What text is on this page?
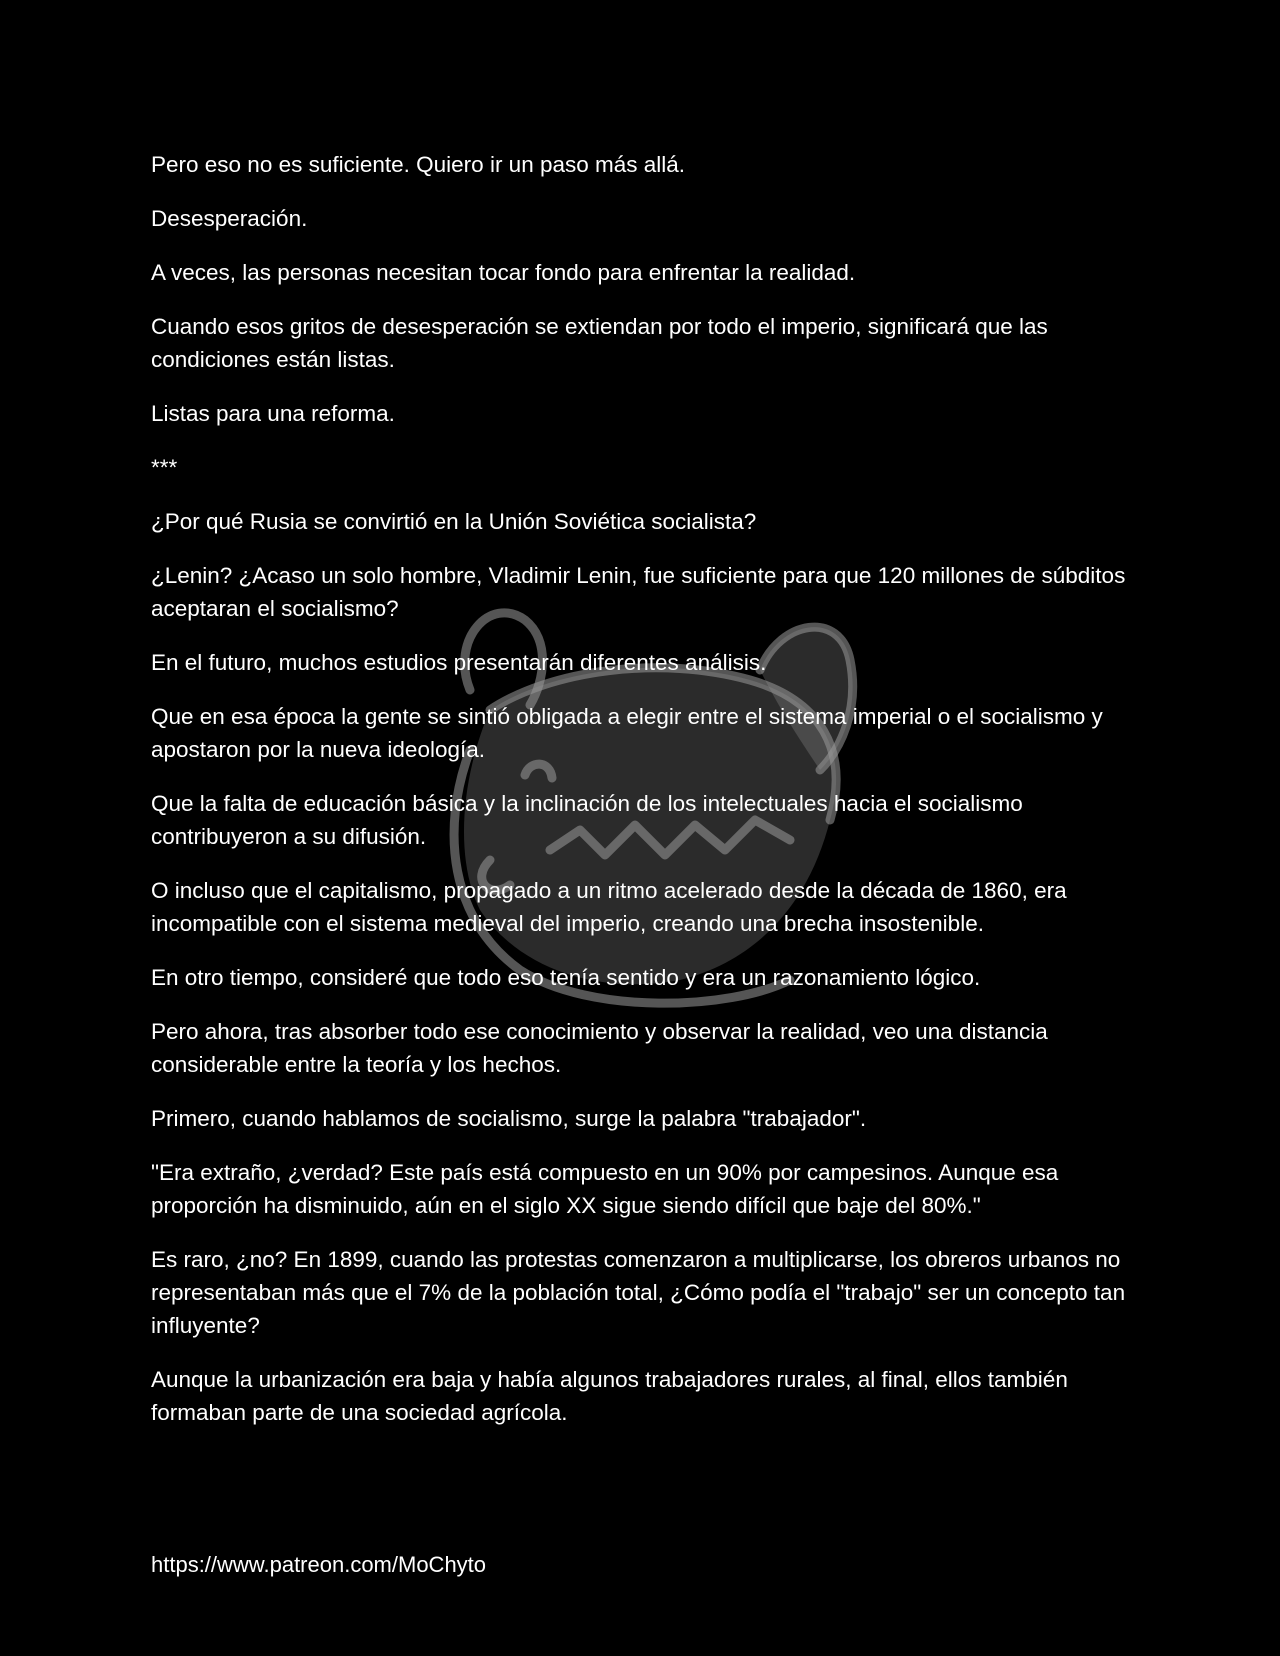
Pero eso no es suficiente. Quiero ir un paso más allá.

Desesperación.

A veces, las personas necesitan tocar fondo para enfrentar la realidad.

Cuando esos gritos de desesperación se extiendan por todo el imperio, significará que las condiciones están listas.

Listas para una reforma.

***

¿Por qué Rusia se convirtió en la Unión Soviética socialista?

¿Lenin? ¿Acaso un solo hombre, Vladimir Lenin, fue suficiente para que 120 millones de súbditos aceptaran el socialismo?

En el futuro, muchos estudios presentarán diferentes análisis.

Que en esa época la gente se sintió obligada a elegir entre el sistema imperial o el socialismo y apostaron por la nueva ideología.

Que la falta de educación básica y la inclinación de los intelectuales hacia el socialismo contribuyeron a su difusión.

O incluso que el capitalismo, propagado a un ritmo acelerado desde la década de 1860, era incompatible con el sistema medieval del imperio, creando una brecha insostenible.

En otro tiempo, consideré que todo eso tenía sentido y era un razonamiento lógico.

Pero ahora, tras absorber todo ese conocimiento y observar la realidad, veo una distancia considerable entre la teoría y los hechos.

Primero, cuando hablamos de socialismo, surge la palabra "trabajador".

"Era extraño, ¿verdad? Este país está compuesto en un 90% por campesinos. Aunque esa proporción ha disminuido, aún en el siglo XX sigue siendo difícil que baje del 80%."

Es raro, ¿no? En 1899, cuando las protestas comenzaron a multiplicarse, los obreros urbanos no representaban más que el 7% de la población total, ¿Cómo podía el "trabajo" ser un concepto tan influyente?

Aunque la urbanización era baja y había algunos trabajadores rurales, al final, ellos también formaban parte de una sociedad agrícola.

https://www.patreon.com/MoChyto
